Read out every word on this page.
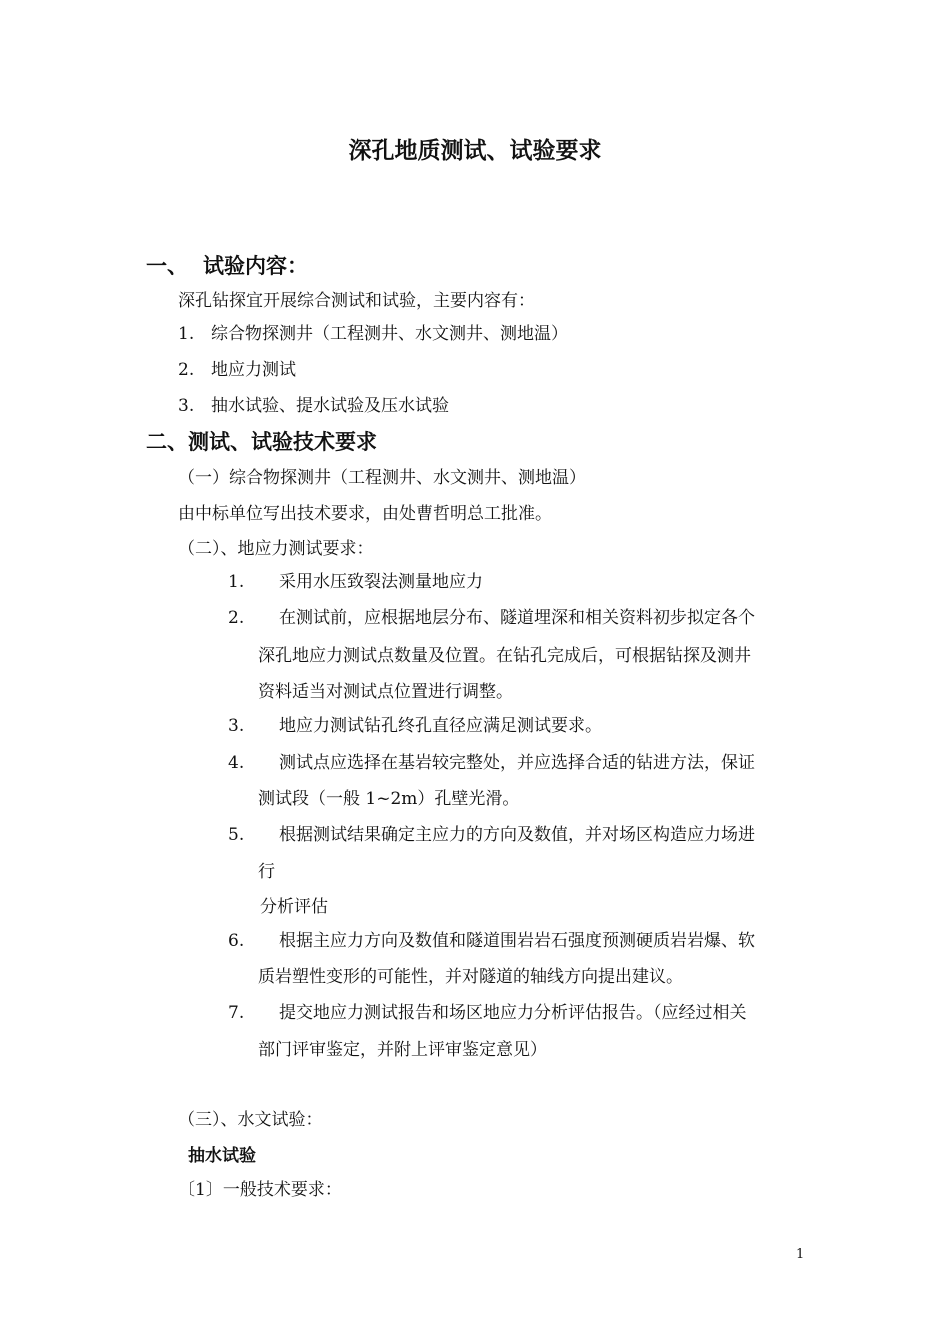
深孔地质测试、试验要求
一、 试验内容：
深孔钻探宜开展综合测试和试验，主要内容有：
1. 综合物探测井（工程测井、水文测井、测地温）
2. 地应力测试
3. 抽水试验、提水试验及压水试验
二、测试、试验技术要求
（一）综合物探测井（工程测井、水文测井、测地温）
由中标单位写出技术要求，由处曹哲明总工批准。
（二）、地应力测试要求：
1. 采用水压致裂法测量地应力
2. 在测试前，应根据地层分布、隧道埋深和相关资料初步拟定各个
深孔地应力测试点数量及位置。在钻孔完成后，可根据钻探及测井
资料适当对测试点位置进行调整。
3. 地应力测试钻孔终孔直径应满足测试要求。
4. 测试点应选择在基岩较完整处，并应选择合适的钻进方法，保证
测试段（一般 1~2m）孔壁光滑。
5. 根据测试结果确定主应力的方向及数值，并对场区构造应力场进
行
分析评估
6. 根据主应力方向及数值和隧道围岩岩石强度预测硬质岩岩爆、软
质岩塑性变形的可能性，并对隧道的轴线方向提出建议。
7. 提交地应力测试报告和场区地应力分析评估报告。（应经过相关
部门评审鉴定，并附上评审鉴定意见）
（三）、水文试验：
抽水试验
〔1〕一般技术要求：
1
